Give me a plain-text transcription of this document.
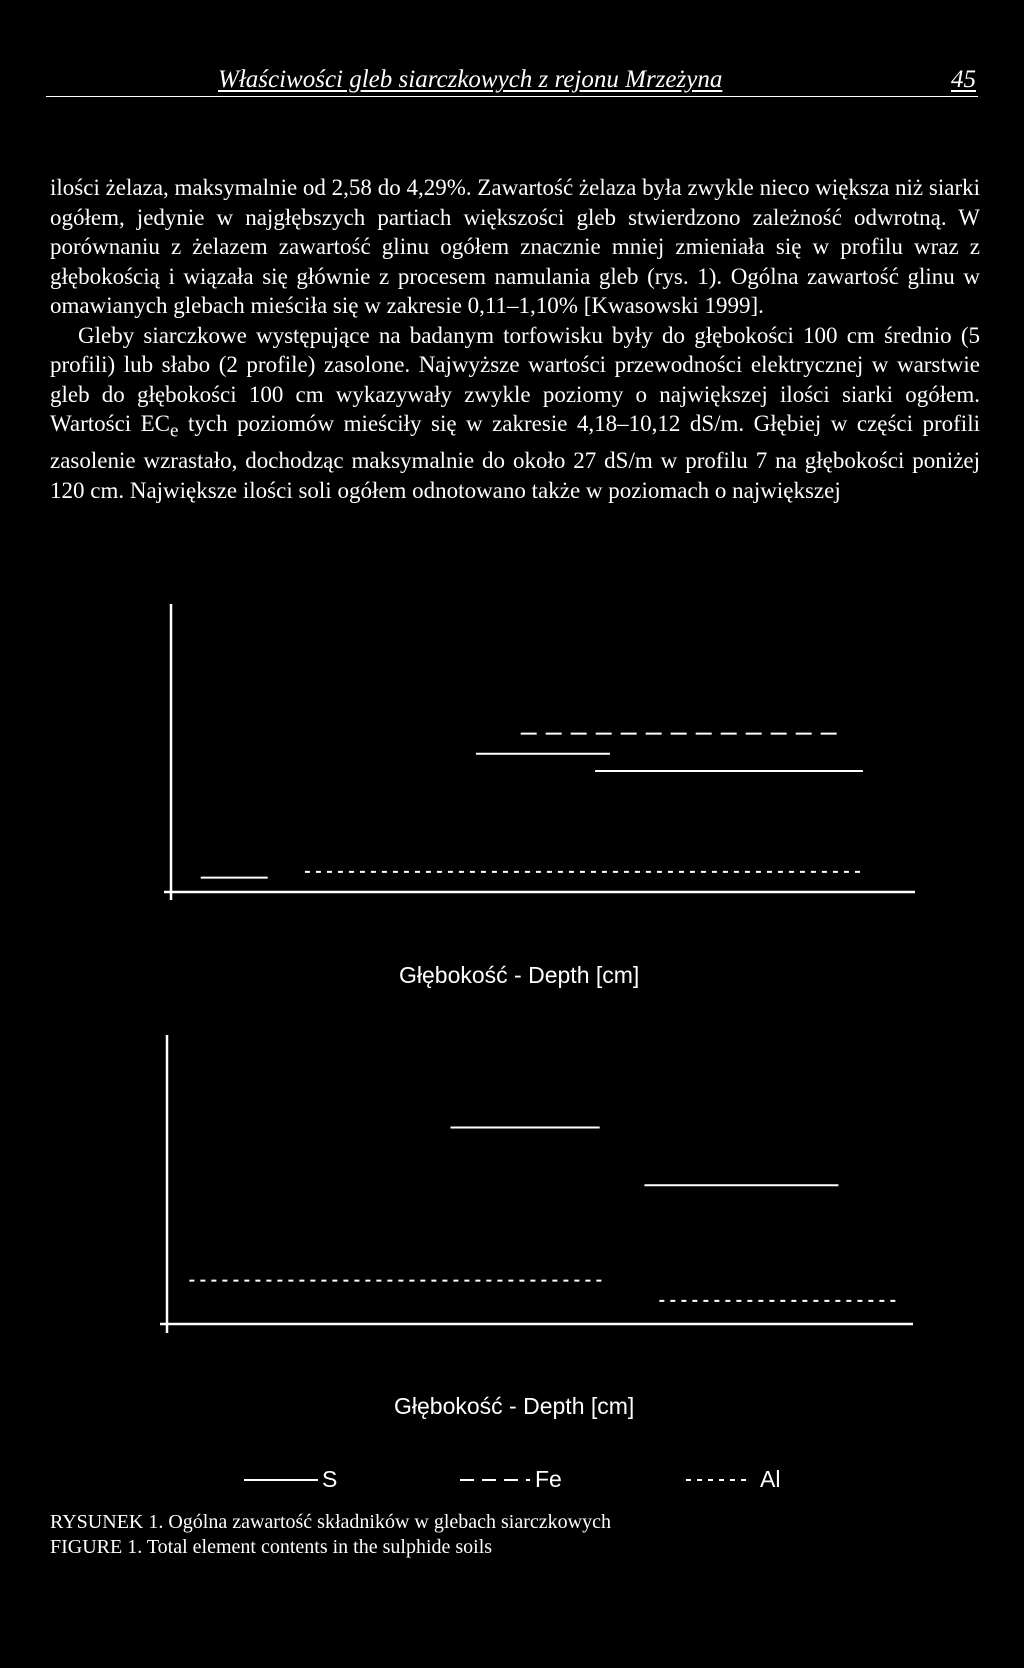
Właściwości gleb siarczkowych z rejonu Mrzeżyna	45

ilości żelaza, maksymalnie od 2,58 do 4,29%. Zawartość żelaza była zwykle nieco większa niż siarki ogółem, jedynie w najgłębszych partiach większości gleb stwierdzono zależność odwrotną. W porównaniu z żelazem zawartość glinu ogółem znacznie mniej zmieniała się w profilu wraz z głębokością i wiązała się głównie z procesem namulania gleb (rys. 1). Ogólna zawartość glinu w omawianych glebach mieściła się w zakresie 0,11–1,10% [Kwasowski 1999].

Gleby siarczkowe występujące na badanym torfowisku były do głębokości 100 cm średnio (5 profili) lub słabo (2 profile) zasolone. Najwyższe wartości przewodności elektrycznej w warstwie gleb do głębokości 100 cm wykazywały zwykle poziomy o największej ilości siarki ogółem. Wartości $EC_e$ tych poziomów mieściły się w zakresie 4,18–10,12 dS/m. Głębiej w części profili zasolenie wzrastało, dochodząc maksymalnie do około 27 dS/m w profilu 7 na głębokości poniżej 120 cm. Największe ilości soli ogółem odnotowano także w poziomach o największej

Głębokość - Depth [cm]
Głębokość - Depth [cm]
S	Fe	Al
RYSUNEK 1. Ogólna zawartość składników w glebach siarczkowych
FIGURE 1. Total element contents in the sulphide soils
